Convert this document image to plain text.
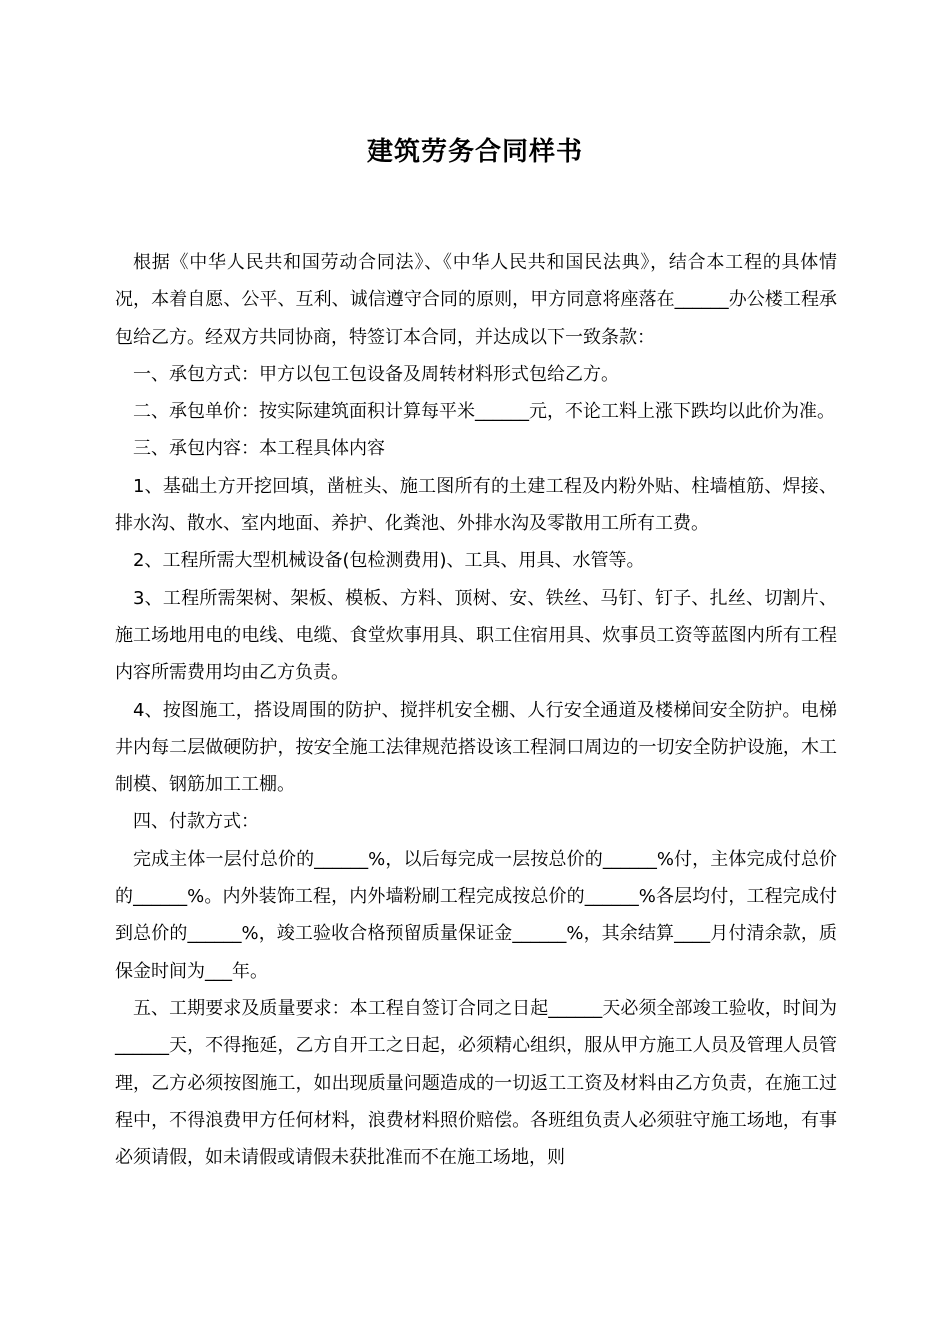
建筑劳务合同样书

根据《中华人民共和国劳动合同法》、《中华人民共和国民法典》，结合本工程的具体情况，本着自愿、公平、互利、诚信遵守合同的原则，甲方同意将座落在______办公楼工程承包给乙方。经双方共同协商，特签订本合同，并达成以下一致条款：

一、承包方式：甲方以包工包设备及周转材料形式包给乙方。

二、承包单价：按实际建筑面积计算每平米______元，不论工料上涨下跌均以此价为准。

三、承包内容：本工程具体内容

1、基础土方开挖回填，凿桩头、施工图所有的土建工程及内粉外贴、柱墙植筋、焊接、排水沟、散水、室内地面、养护、化粪池、外排水沟及零散用工所有工费。

2、工程所需大型机械设备(包检测费用)、工具、用具、水管等。

3、工程所需架树、架板、模板、方料、顶树、安、铁丝、马钉、钉子、扎丝、切割片、施工场地用电的电线、电缆、食堂炊事用具、职工住宿用具、炊事员工资等蓝图内所有工程内容所需费用均由乙方负责。

4、按图施工，搭设周围的防护、搅拌机安全棚、人行安全通道及楼梯间安全防护。电梯井内每二层做硬防护，按安全施工法律规范搭设该工程洞口周边的一切安全防护设施，木工制模、钢筋加工工棚。

四、付款方式：

完成主体一层付总价的______%，以后每完成一层按总价的______%付，主体完成付总价的______%。内外装饰工程，内外墙粉刷工程完成按总价的______%各层均付，工程完成付到总价的______%，竣工验收合格预留质量保证金______%，其余结算____月付清余款，质保金时间为___年。

五、工期要求及质量要求：本工程自签订合同之日起______天必须全部竣工验收，时间为______天，不得拖延，乙方自开工之日起，必须精心组织，服从甲方施工人员及管理人员管理，乙方必须按图施工，如出现质量问题造成的一切返工工资及材料由乙方负责，在施工过程中，不得浪费甲方任何材料，浪费材料照价赔偿。各班组负责人必须驻守施工场地，有事必须请假，如未请假或请假未获批准而不在施工场地，则
